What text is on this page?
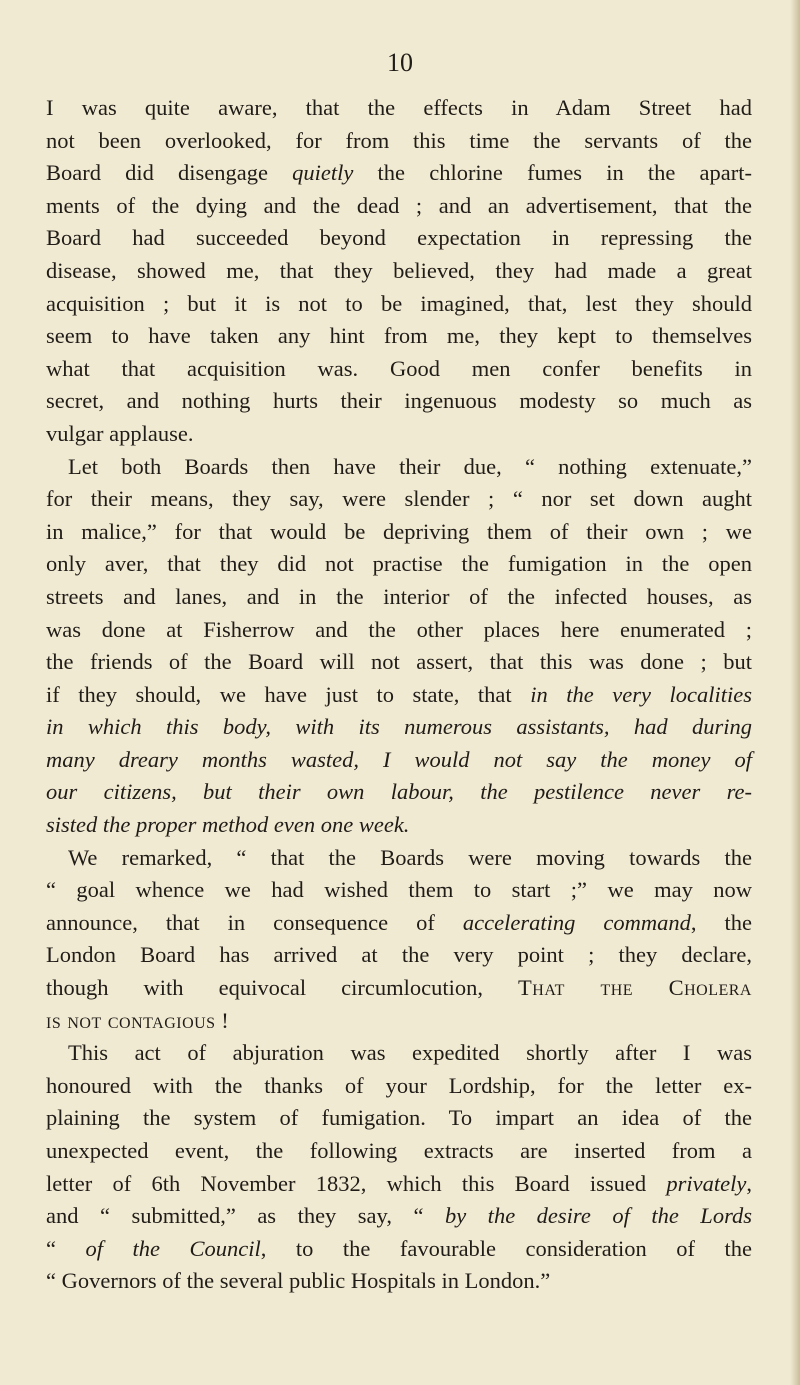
10
I was quite aware, that the effects in Adam Street had
not been overlooked, for from this time the servants of the
Board did disengage quietly the chlorine fumes in the apart-
ments of the dying and the dead ; and an advertisement, that the
Board had succeeded beyond expectation in repressing the
disease, showed me, that they believed, they had made a great
acquisition ; but it is not to be imagined, that, lest they should
seem to have taken any hint from me, they kept to themselves
what that acquisition was. Good men confer benefits in
secret, and nothing hurts their ingenuous modesty so much as
vulgar applause.
Let both Boards then have their due, “ nothing extenuate,”
for their means, they say, were slender ; “ nor set down aught
in malice,” for that would be depriving them of their own ; we
only aver, that they did not practise the fumigation in the open
streets and lanes, and in the interior of the infected houses, as
was done at Fisherrow and the other places here enumerated ;
the friends of the Board will not assert, that this was done ; but
if they should, we have just to state, that in the very localities
in which this body, with its numerous assistants, had during
many dreary months wasted, I would not say the money of
our citizens, but their own labour, the pestilence never re-
sisted the proper method even one week.
We remarked, “ that the Boards were moving towards the
“ goal whence we had wished them to start ;” we may now
announce, that in consequence of accelerating command, the
London Board has arrived at the very point ; they declare,
though with equivocal circumlocution, That the Cholera
is not contagious !
This act of abjuration was expedited shortly after I was
honoured with the thanks of your Lordship, for the letter ex-
plaining the system of fumigation. To impart an idea of the
unexpected event, the following extracts are inserted from a
letter of 6th November 1832, which this Board issued privately,
and “ submitted,” as they say, “ by the desire of the Lords
“ of the Council, to the favourable consideration of the
“ Governors of the several public Hospitals in London.”
